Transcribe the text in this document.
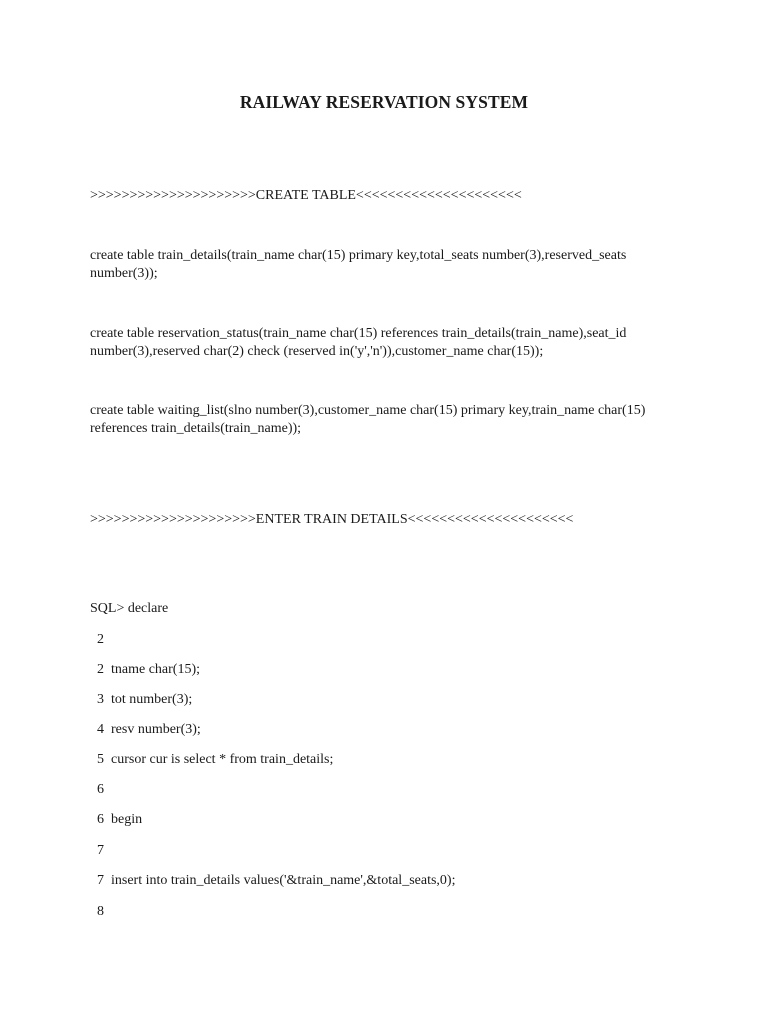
RAILWAY RESERVATION SYSTEM
>>>>>>>>>>>>>>>>>>>>>CREATE TABLE<<<<<<<<<<<<<<<<<<<<<
create table train_details(train_name char(15) primary key,total_seats number(3),reserved_seats number(3));
create table reservation_status(train_name char(15) references train_details(train_name),seat_id number(3),reserved char(2) check (reserved in('y','n')),customer_name char(15));
create table waiting_list(slno number(3),customer_name char(15) primary key,train_name char(15) references train_details(train_name));
>>>>>>>>>>>>>>>>>>>>>ENTER TRAIN DETAILS<<<<<<<<<<<<<<<<<<<<<
SQL> declare
2
2  tname char(15);
3  tot number(3);
4  resv number(3);
5  cursor cur is select * from train_details;
6
6  begin
7
7  insert into train_details values('&train_name',&total_seats,0);
8
